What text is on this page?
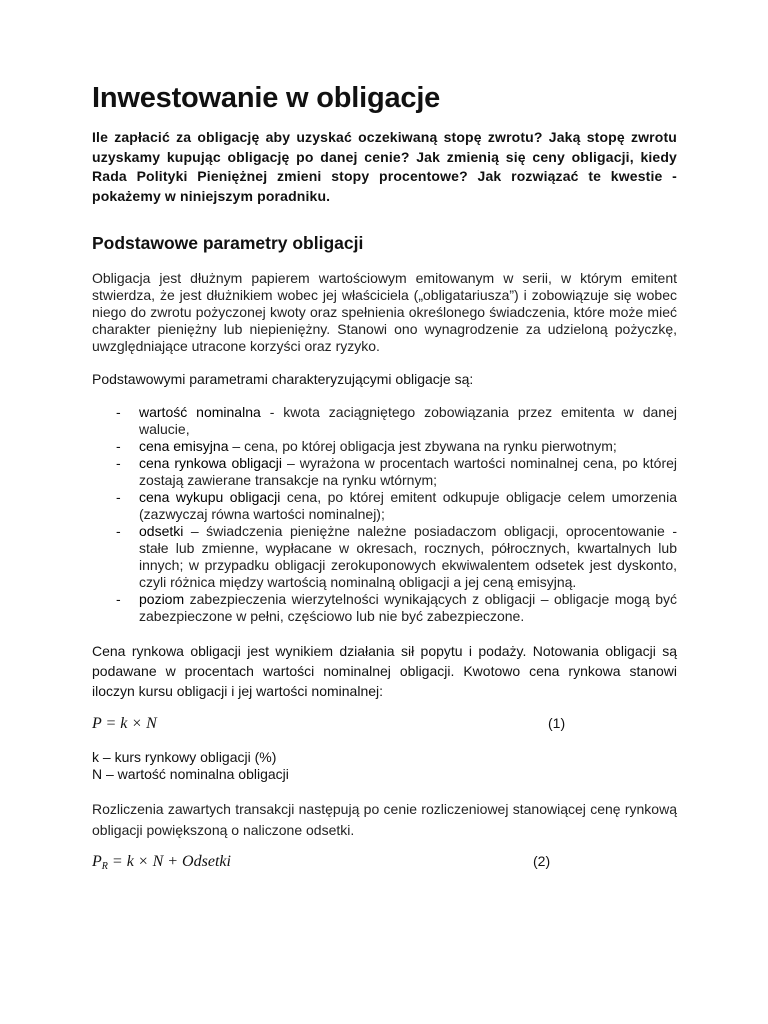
Inwestowanie w obligacje

Ile zapłacić za obligację aby uzyskać oczekiwaną stopę zwrotu? Jaką stopę zwrotu uzyskamy kupując obligację po danej cenie? Jak zmienią się ceny obligacji, kiedy Rada Polityki Pieniężnej zmieni stopy procentowe? Jak rozwiązać te kwestie - pokażemy w niniejszym poradniku.

Podstawowe parametry obligacji

Obligacja jest dłużnym papierem wartościowym emitowanym w serii, w którym emitent stwierdza, że jest dłużnikiem wobec jej właściciela („obligatariusza”) i zobowiązuje się wobec niego do zwrotu pożyczonej kwoty oraz spełnienia określonego świadczenia, które może mieć charakter pieniężny lub niepieniężny. Stanowi ono wynagrodzenie za udzieloną pożyczkę, uwzględniające utracone korzyści oraz ryzyko.

Podstawowymi parametrami charakteryzującymi obligacje są:

- wartość nominalna - kwota zaciągniętego zobowiązania przez emitenta w danej walucie,
- cena emisyjna – cena, po której obligacja jest zbywana na rynku pierwotnym;
- cena rynkowa obligacji – wyrażona w procentach wartości nominalnej cena, po której zostają zawierane transakcje na rynku wtórnym;
- cena wykupu obligacji cena, po której emitent odkupuje obligacje celem umorzenia (zazwyczaj równa wartości nominalnej);
- odsetki – świadczenia pieniężne należne posiadaczom obligacji, oprocentowanie - stałe lub zmienne, wypłacane w okresach, rocznych, półrocznych, kwartalnych lub innych; w przypadku obligacji zerokuponowych ekwiwalentem odsetek jest dyskonto, czyli różnica między wartością nominalną obligacji a jej ceną emisyjną.
- poziom zabezpieczenia wierzytelności wynikających z obligacji – obligacje mogą być zabezpieczone w pełni, częściowo lub nie być zabezpieczone.

Cena rynkowa obligacji jest wynikiem działania sił popytu i podaży. Notowania obligacji są podawane w procentach wartości nominalnej obligacji. Kwotowo cena rynkowa stanowi iloczyn kursu obligacji i jej wartości nominalnej:

P = k × N	(1)

k – kurs rynkowy obligacji (%)

N – wartość nominalna obligacji

Rozliczenia zawartych transakcji następują po cenie rozliczeniowej stanowiącej cenę rynkową obligacji powiększoną o naliczone odsetki.

$P_R = k \times N$ + Odsetki	(2)
